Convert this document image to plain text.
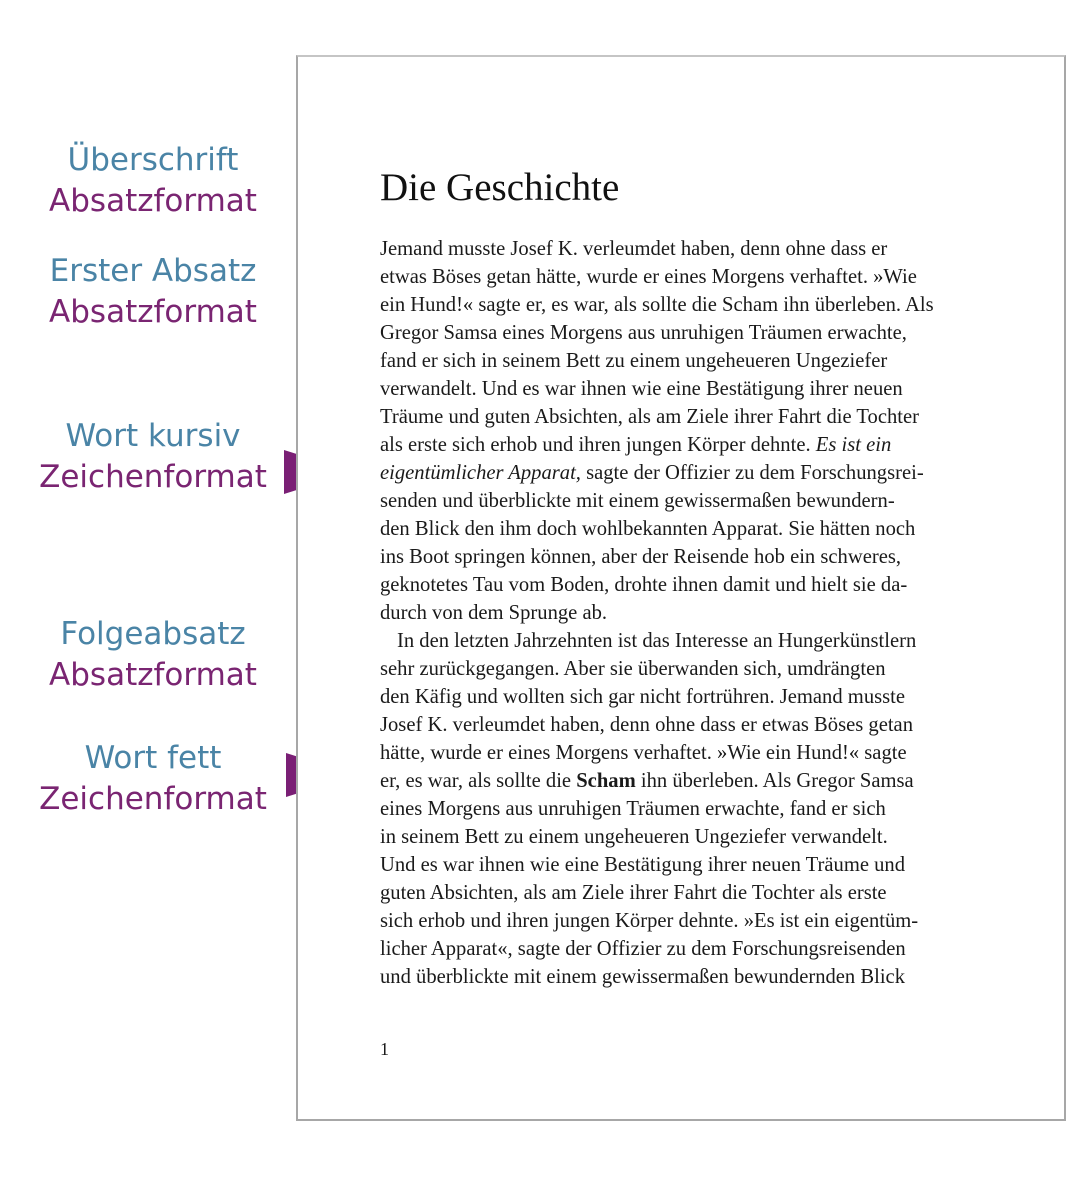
Überschrift
Absatzformat
Erster Absatz
Absatzformat
Wort kursiv
Zeichenformat
Folgeabsatz
Absatzformat
Wort fett
Zeichenformat
Die Geschichte
Jemand musste Josef K. verleumdet haben, denn ohne dass er
etwas Böses getan hätte, wurde er eines Morgens verhaftet. »Wie
ein Hund!« sagte er, es war, als sollte die Scham ihn überleben. Als
Gregor Samsa eines Morgens aus unruhigen Träumen erwachte,
fand er sich in seinem Bett zu einem ungeheueren Ungeziefer
verwandelt. Und es war ihnen wie eine Bestätigung ihrer neuen
Träume und guten Absichten, als am Ziele ihrer Fahrt die Tochter
als erste sich erhob und ihren jungen Körper dehnte. Es ist ein
eigentümlicher Apparat, sagte der Offizier zu dem Forschungsrei-
senden und überblickte mit einem gewissermaßen bewundern-
den Blick den ihm doch wohlbekannten Apparat. Sie hätten noch
ins Boot springen können, aber der Reisende hob ein schweres,
geknotetes Tau vom Boden, drohte ihnen damit und hielt sie da-
durch von dem Sprunge ab.
In den letzten Jahrzehnten ist das Interesse an Hungerkünstlern
sehr zurückgegangen. Aber sie überwanden sich, umdrängten
den Käfig und wollten sich gar nicht fortrühren. Jemand musste
Josef K. verleumdet haben, denn ohne dass er etwas Böses getan
hätte, wurde er eines Morgens verhaftet. »Wie ein Hund!« sagte
er, es war, als sollte die Scham ihn überleben. Als Gregor Samsa
eines Morgens aus unruhigen Träumen erwachte, fand er sich
in seinem Bett zu einem ungeheueren Ungeziefer verwandelt.
Und es war ihnen wie eine Bestätigung ihrer neuen Träume und
guten Absichten, als am Ziele ihrer Fahrt die Tochter als erste
sich erhob und ihren jungen Körper dehnte. »Es ist ein eigentüm-
licher Apparat«, sagte der Offizier zu dem Forschungsreisenden
und überblickte mit einem gewissermaßen bewundernden Blick
1
